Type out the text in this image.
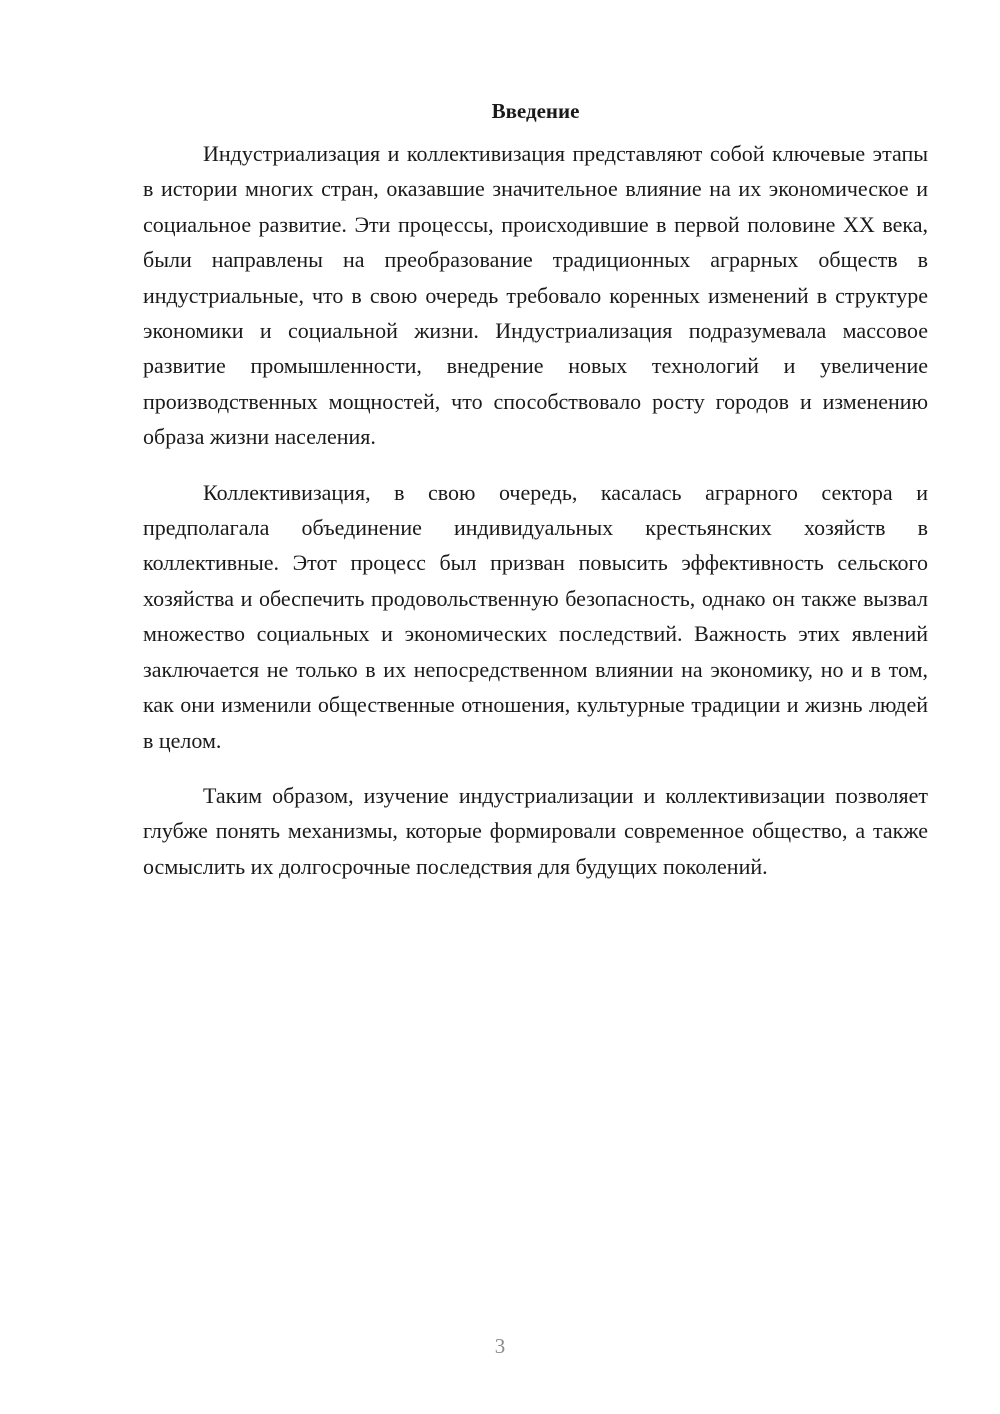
Введение

Индустриализация и коллективизация представляют собой ключевые этапы в истории многих стран, оказавшие значительное влияние на их экономическое и социальное развитие. Эти процессы, происходившие в первой половине XX века, были направлены на преобразование традиционных аграрных обществ в индустриальные, что в свою очередь требовало коренных изменений в структуре экономики и социальной жизни. Индустриализация подразумевала массовое развитие промышленности, внедрение новых технологий и увеличение производственных мощностей, что способствовало росту городов и изменению образа жизни населения.

Коллективизация, в свою очередь, касалась аграрного сектора и предполагала объединение индивидуальных крестьянских хозяйств в коллективные. Этот процесс был призван повысить эффективность сельского хозяйства и обеспечить продовольственную безопасность, однако он также вызвал множество социальных и экономических последствий. Важность этих явлений заключается не только в их непосредственном влиянии на экономику, но и в том, как они изменили общественные отношения, культурные традиции и жизнь людей в целом.

Таким образом, изучение индустриализации и коллективизации позволяет глубже понять механизмы, которые формировали современное общество, а также осмыслить их долгосрочные последствия для будущих поколений.

3
